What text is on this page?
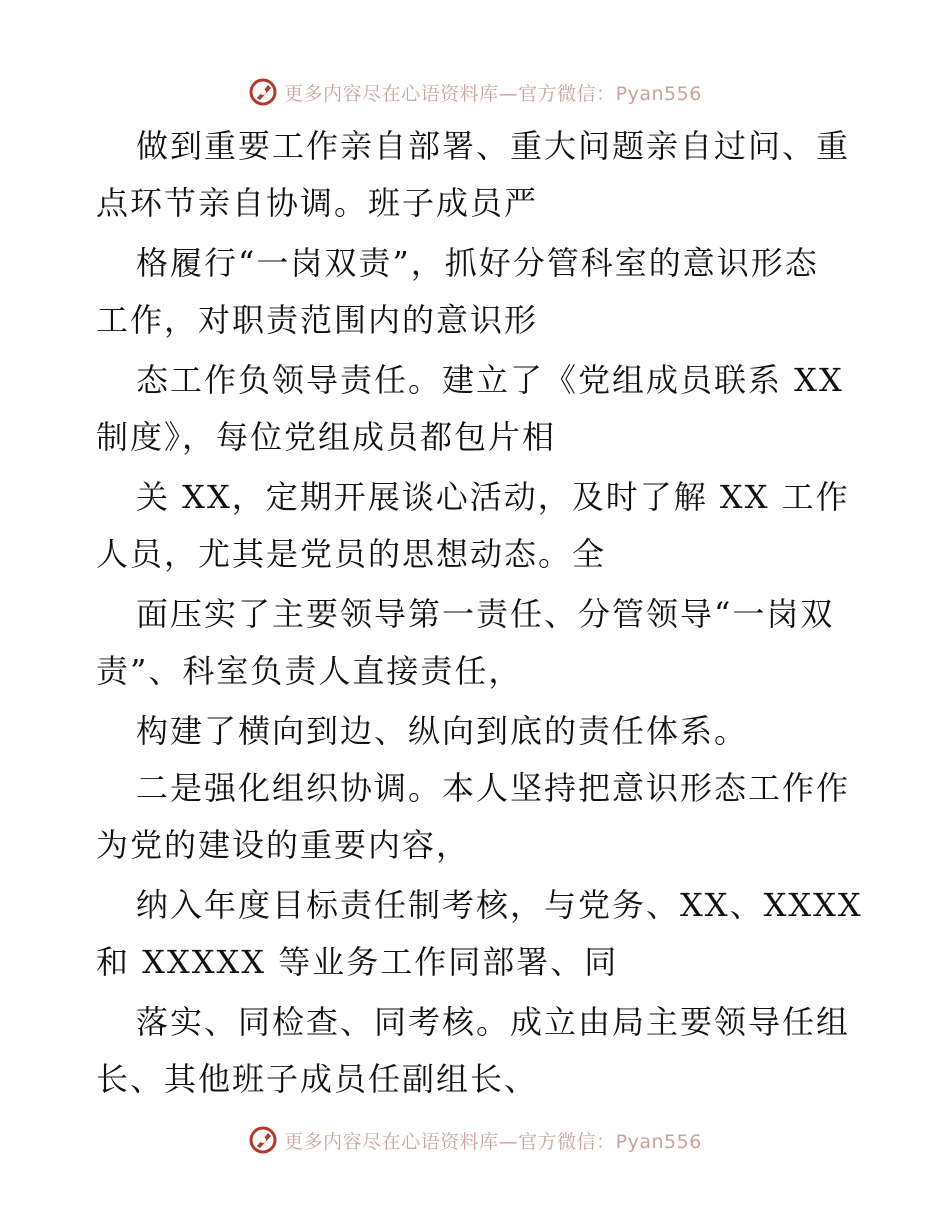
更多内容尽在心语资料库—官方微信：Pyan556
做到重要工作亲自部署、重大问题亲自过问、重
点环节亲自协调。班子成员严
格履行“一岗双责”，抓好分管科室的意识形态
工作，对职责范围内的意识形
态工作负领导责任。建立了《党组成员联系 XX
制度》，每位党组成员都包片相
关 XX，定期开展谈心活动，及时了解 XX 工作
人员，尤其是党员的思想动态。全
面压实了主要领导第一责任、分管领导“一岗双
责”、科室负责人直接责任，
构建了横向到边、纵向到底的责任体系。
二是强化组织协调。本人坚持把意识形态工作作
为党的建设的重要内容，
纳入年度目标责任制考核，与党务、XX、XXXX
和 XXXXX 等业务工作同部署、同
落实、同检查、同考核。成立由局主要领导任组
长、其他班子成员任副组长、
更多内容尽在心语资料库—官方微信：Pyan556
